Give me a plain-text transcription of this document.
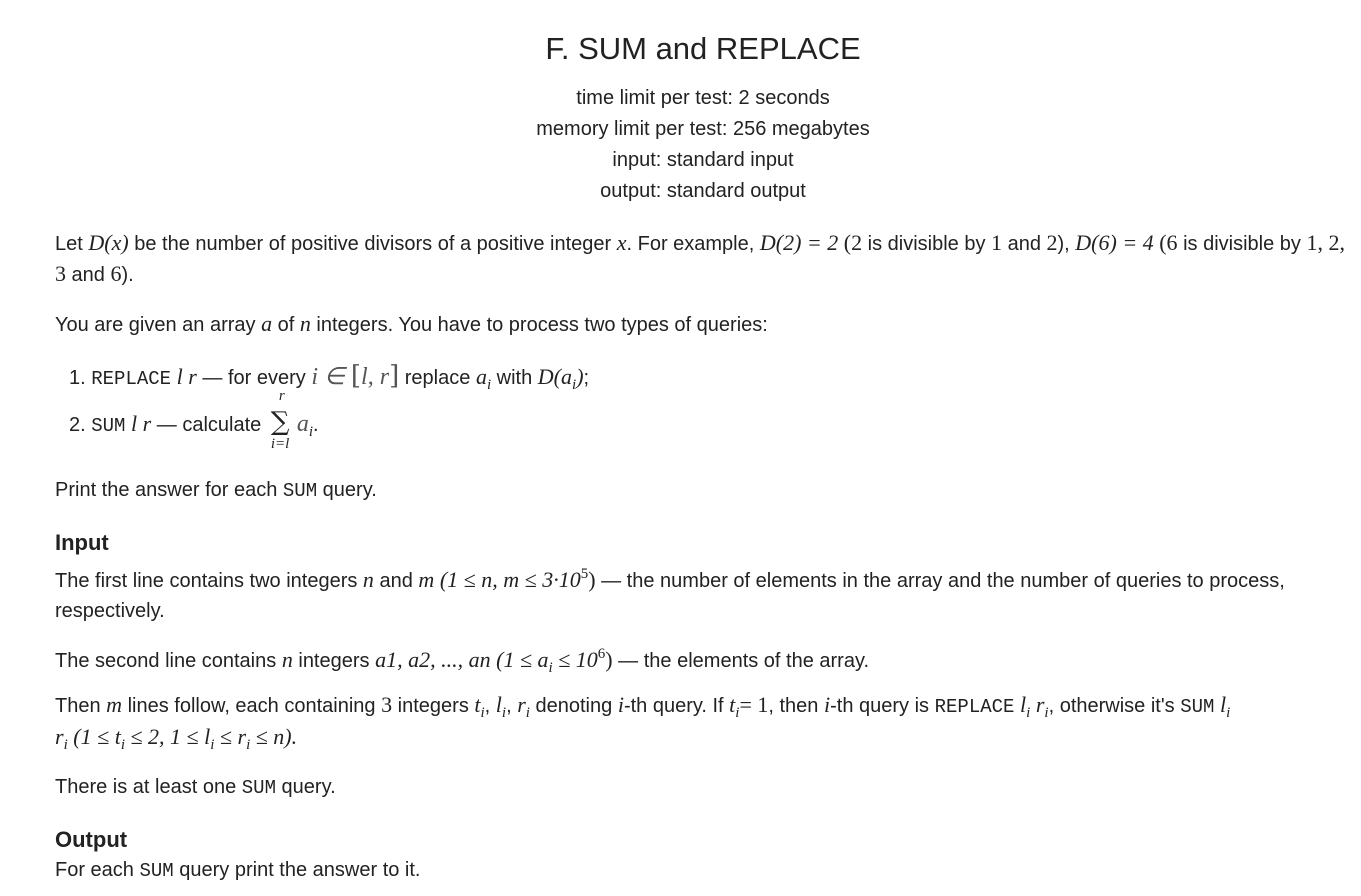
F. SUM and REPLACE
time limit per test: 2 seconds
memory limit per test: 256 megabytes
input: standard input
output: standard output
Let D(x) be the number of positive divisors of a positive integer x. For example, D(2) = 2 (2 is divisible by 1 and 2), D(6) = 4 (6 is divisible by 1, 2, 3 and 6).
You are given an array a of n integers. You have to process two types of queries:
1. REPLACE l r — for every i ∈ [l, r] replace $a_i$ with $D(a_i)$;
2. SUM l r — calculate
r
∑
i=l
$a_i$.
Print the answer for each SUM query.
Input
The first line contains two integers n and m (1 ≤ n, $m \le 3\cdot 10^5$) — the number of elements in the array and the number of queries to process, respectively.
The second line contains n integers a1, a2, ..., an $(1 \le a_i \le 10^6)$ — the elements of the array.
Then m lines follow, each containing 3 integers $t_i$, $l_i$, $r_i$ denoting i-th query. If $t_i= 1$, then i-th query is REPLACE $l_i$ $r_i$, otherwise it's SUM $l_i$
$r_i$ ($1 \le t_i \le 2$, $1 \le l_i \le r_i \le n$).
There is at least one SUM query.
Output
For each SUM query print the answer to it.
